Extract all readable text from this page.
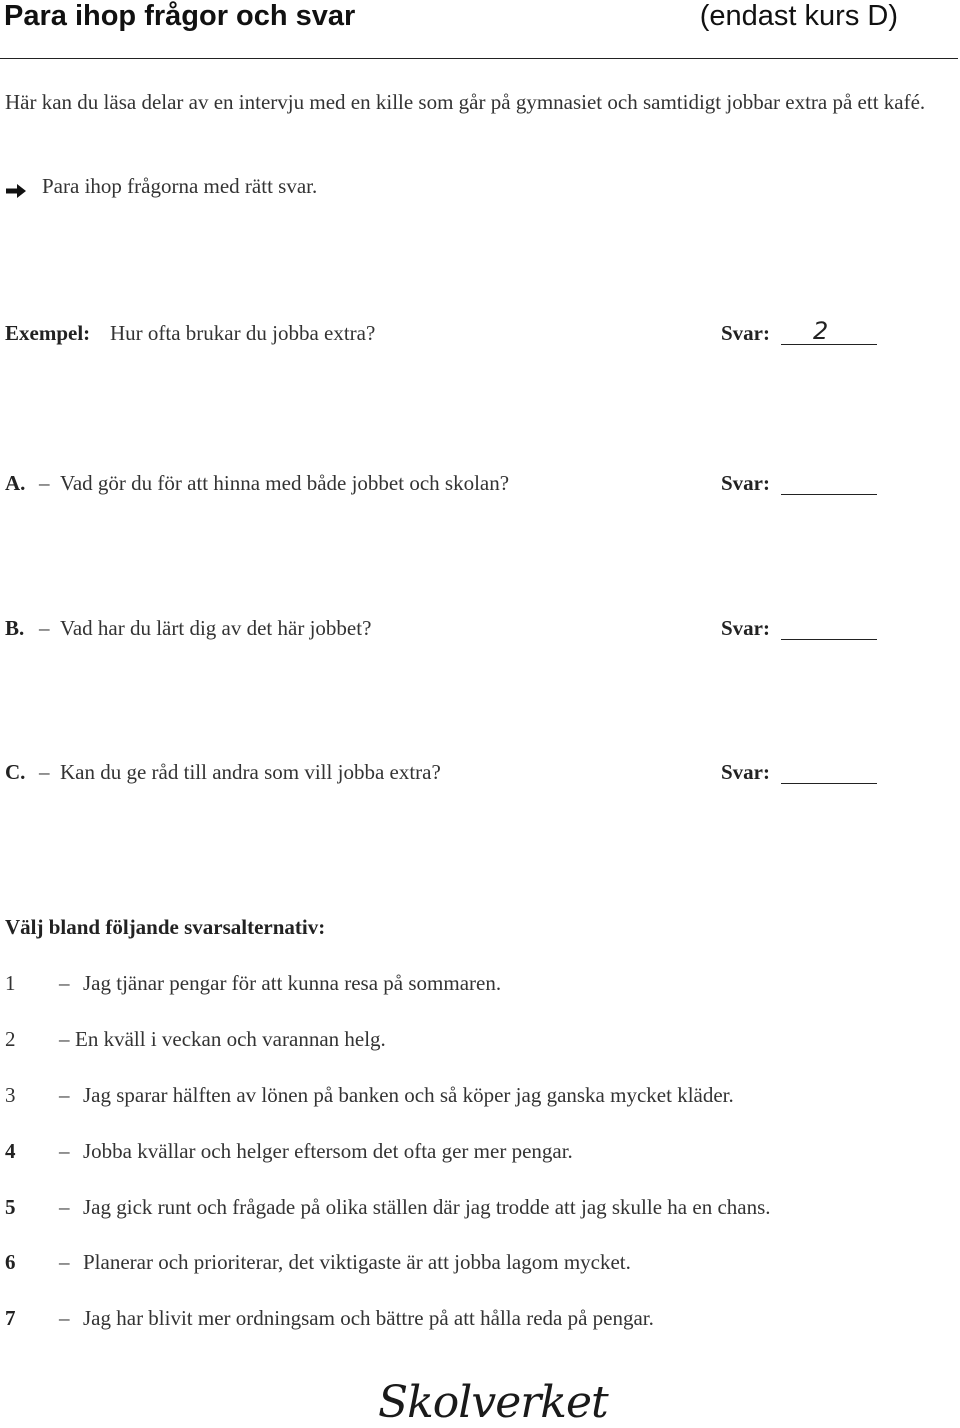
Para ihop frågor och svar	(endast kurs D)
Här kan du läsa delar av en intervju med en kille som går på gymnasiet och samtidigt jobbar extra på ett kafé.
Para ihop frågorna med rätt svar.
Exempel: Hur ofta brukar du jobba extra?	Svar: 2
A. – Vad gör du för att hinna med både jobbet och skolan?	Svar:
B. – Vad har du lärt dig av det här jobbet?	Svar:
C. – Kan du ge råd till andra som vill jobba extra?	Svar:
Välj bland följande svarsalternativ:
1 – Jag tjänar pengar för att kunna resa på sommaren.
2 – En kväll i veckan och varannan helg.
3 – Jag sparar hälften av lönen på banken och så köper jag ganska mycket kläder.
4 – Jobba kvällar och helger eftersom det ofta ger mer pengar.
5 – Jag gick runt och frågade på olika ställen där jag trodde att jag skulle ha en chans.
6 – Planerar och prioriterar, det viktigaste är att jobba lagom mycket.
7 – Jag har blivit mer ordningsam och bättre på att hålla reda på pengar.
Skolverket
